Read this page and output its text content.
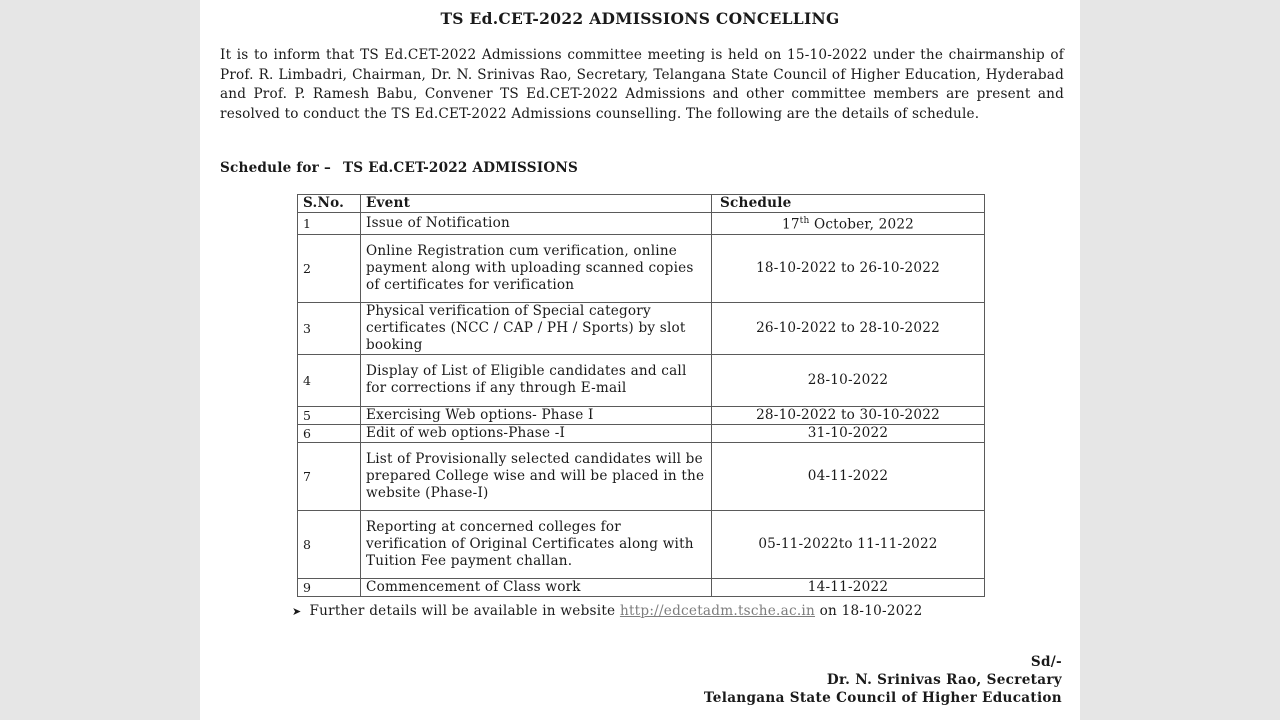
TS Ed.CET-2022 ADMISSIONS CONCELLING
It is to inform that TS Ed.CET-2022 Admissions committee meeting is held on 15-10-2022 under the chairmanship of Prof. R. Limbadri, Chairman, Dr. N. Srinivas Rao, Secretary, Telangana State Council of Higher Education, Hyderabad and Prof. P. Ramesh Babu, Convener TS Ed.CET-2022 Admissions and other committee members are present and resolved to conduct the TS Ed.CET-2022 Admissions counselling. The following are the details of schedule.
Schedule for – TS Ed.CET-2022 ADMISSIONS
S.No.	Event	Schedule
1	Issue of Notification	17th October, 2022
2	Online Registration cum verification, online payment along with uploading scanned copies of certificates for verification	18-10-2022 to 26-10-2022
3	Physical verification of Special category certificates (NCC / CAP / PH / Sports) by slot booking	26-10-2022 to 28-10-2022
4	Display of List of Eligible candidates and call for corrections if any through E-mail	28-10-2022
5	Exercising Web options- Phase I	28-10-2022 to 30-10-2022
6	Edit of web options-Phase -I	31-10-2022
7	List of Provisionally selected candidates will be prepared College wise and will be placed in the website (Phase-I)	04-11-2022
8	Reporting at concerned colleges for verification of Original Certificates along with Tuition Fee payment challan.	05-11-2022to 11-11-2022
9	Commencement of Class work	14-11-2022
➤ Further details will be available in website http://edcetadm.tsche.ac.in on 18-10-2022
Sd/-
Dr. N. Srinivas Rao, Secretary
Telangana State Council of Higher Education
